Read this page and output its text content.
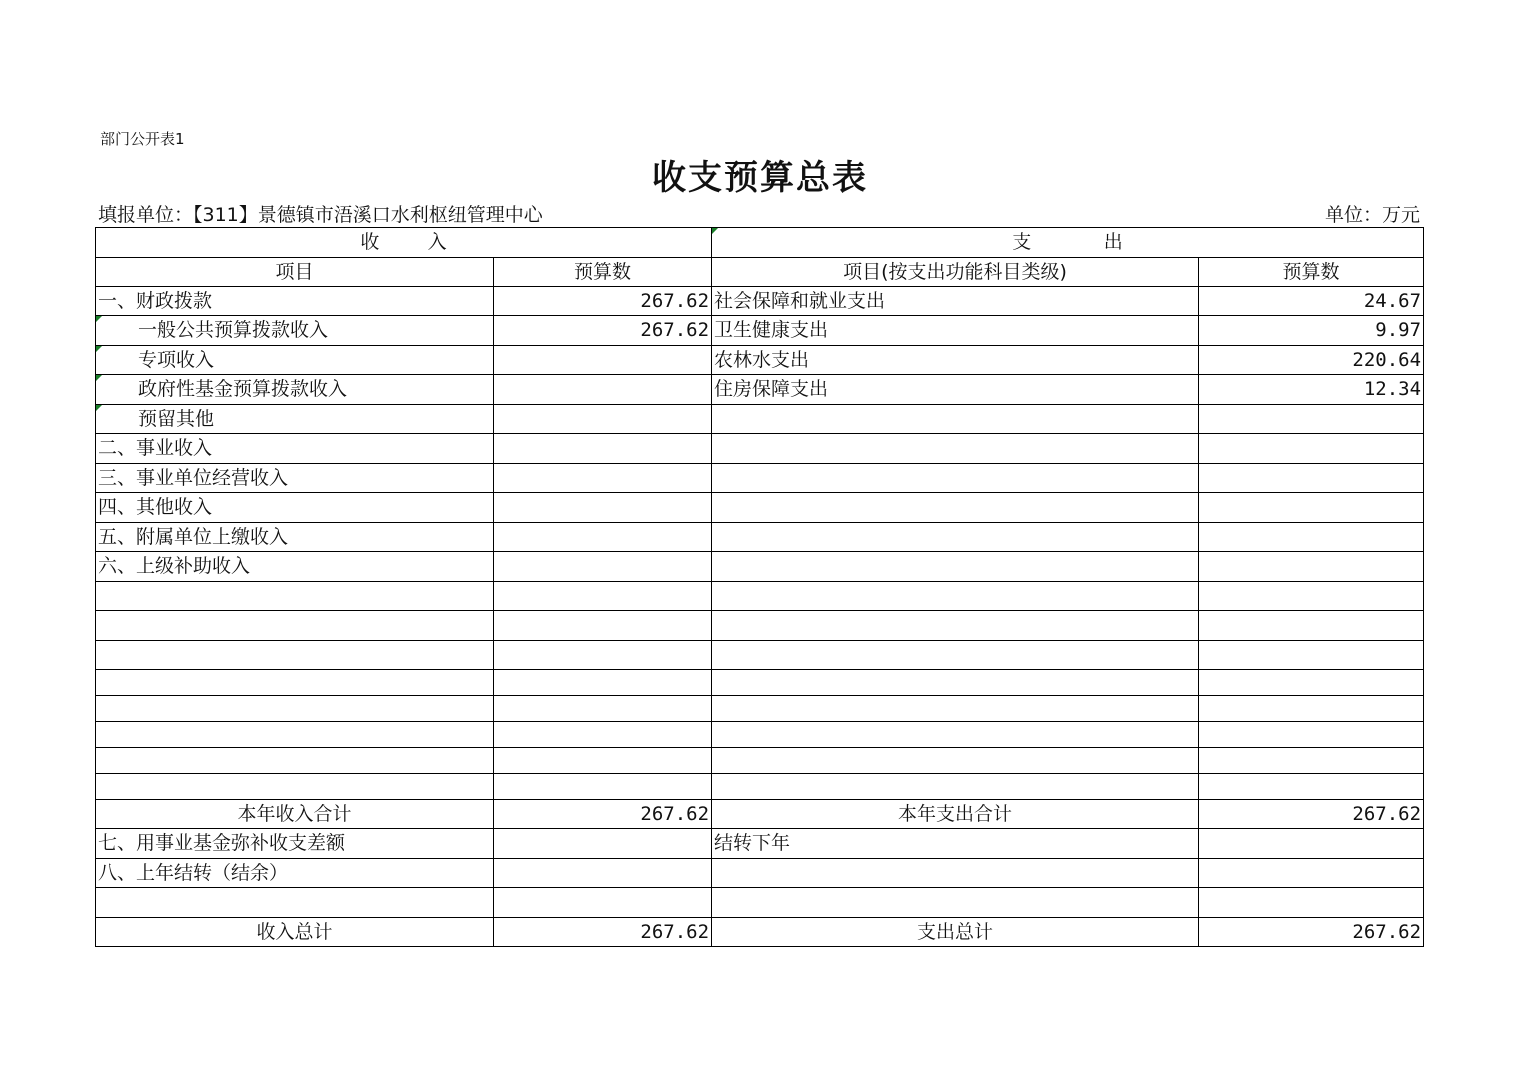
部门公开表1
收支预算总表
填报单位：【311】景德镇市浯溪口水利枢纽管理中心	单位：万元
收        入		支            出	
项目	预算数	项目(按支出功能科目类级)	预算数
一、财政拨款	267.62	社会保障和就业支出	24.67
一般公共预算拨款收入	267.62	卫生健康支出	9.97
专项收入		农林水支出	220.64
政府性基金预算拨款收入		住房保障支出	12.34
预留其他			
二、事业收入			
三、事业单位经营收入			
四、其他收入			
五、附属单位上缴收入			
六、上级补助收入			

本年收入合计	267.62	本年支出合计	267.62
七、用事业基金弥补收支差额		结转下年	
八、上年结转（结余）			

收入总计	267.62	支出总计	267.62
